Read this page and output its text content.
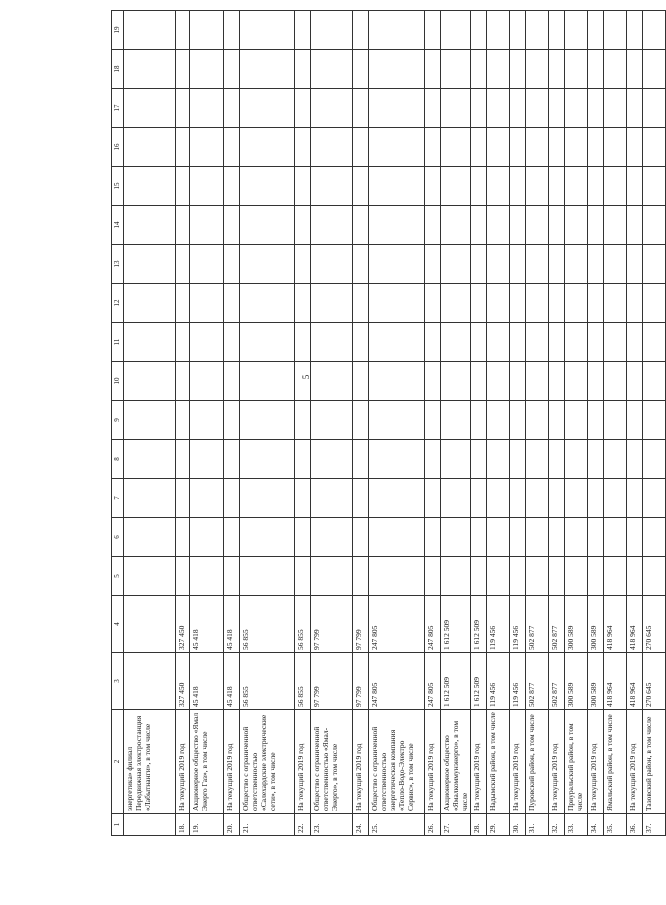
5
1	2	3	4	5	6	7	8	9	10	11	12	13	14	15	16	17	18	19
	энергетика» филиал Передвижная электростанция «Лабытнанги», в том числе																	
18.	На текущий 2019 год	327 450	327 450															
19.	Акционерное общество «Ямал Энерго Газ», в том числе	45 418	45 418															
20.	На текущий 2019 год	45 418	45 418															
21.	Общество с ограниченной ответственностью «Салехардские электрические сети», в том числе	56 855	56 855															
22.	На текущий 2019 год	56 855	56 855															
23.	Общество с ограниченной ответственностью «Ямал-Энерго», в том числе	97 799	97 799															
24.	На текущий 2019 год	97 799	97 799															
25.	Общество с ограниченной ответственностью энергетическая компания «Тепло-Водо-Электро Сервис», в том числе	247 805	247 805															
26.	На текущий 2019 год	247 805	247 805															
27.	Акционерное общество «Ямалкоммунэнерго», в том числе	1 612 509	1 612 509															
28.	На текущий 2019 год	1 612 509	1 612 509															
29.	Надымский район, в том числе	119 456	119 456															
30.	На текущий 2019 год	119 456	119 456															
31.	Пуровский район, в том числе	502 877	502 877															
32.	На текущий 2019 год	502 877	502 877															
33.	Приуральский район, в том числе	300 589	300 589															
34.	На текущий 2019 год	300 589	300 589															
35.	Ямальский район, в том числе	418 964	418 964															
36.	На текущий 2019 год	418 964	418 964															
37.	Тазовский район, в том числе	270 645	270 645															
